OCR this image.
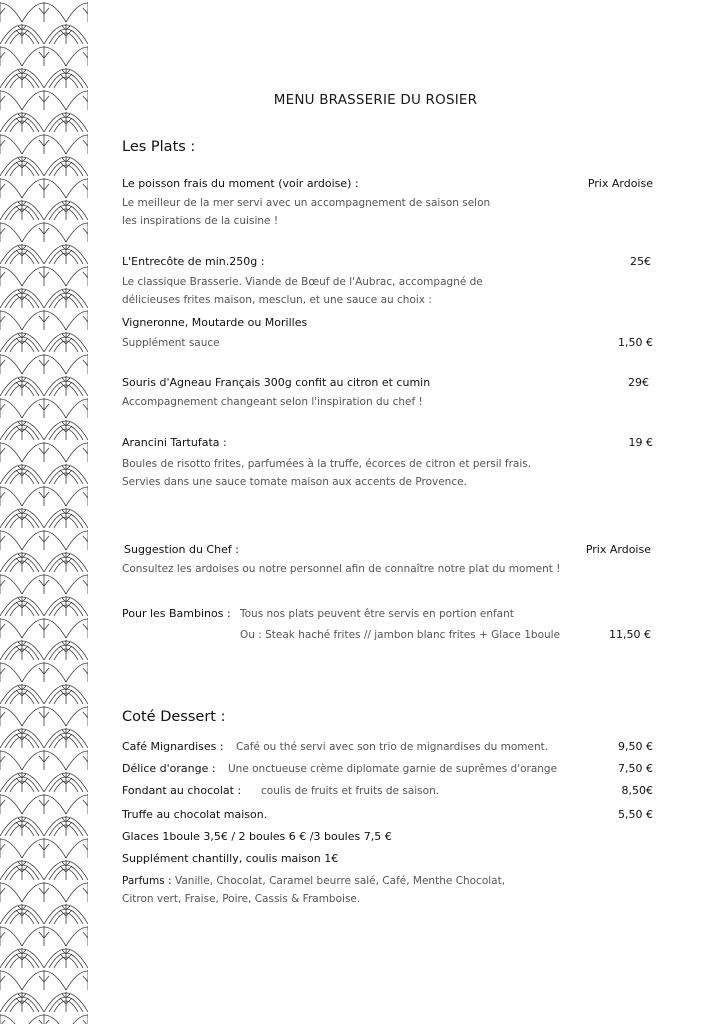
MENU BRASSERIE DU ROSIER
Les Plats :
Le poisson frais du moment (voir ardoise) :	Prix Ardoise
Le meilleur de la mer servi avec un accompagnement de saison selon
les inspirations de la cuisine !
L'Entrecôte de min.250g :	25€
Le classique Brasserie. Viande de Bœuf de l'Aubrac, accompagné de
délicieuses frites maison, mesclun, et une sauce au choix :
Vigneronne, Moutarde ou Morilles
Supplément sauce	1,50 €
Souris d'Agneau Français 300g confit au citron et cumin	29€
Accompagnement changeant selon l'inspiration du chef !
Arancini Tartufata :	19 €
Boules de risotto frites, parfumées à la truffe, écorces de citron et persil frais.
Servies dans une sauce tomate maison aux accents de Provence.
Suggestion du Chef :	Prix Ardoise
Consultez les ardoises ou notre personnel afin de connaître notre plat du moment !
Pour les Bambinos : Tous nos plats peuvent être servis en portion enfant
Ou : Steak haché frites // jambon blanc frites + Glace 1boule	11,50 €
Coté Dessert :
Café Mignardises : Café ou thé servi avec son trio de mignardises du moment.	9,50 €
Délice d'orange : Une onctueuse crème diplomate garnie de suprêmes d'orange	7,50 €
Fondant au chocolat : coulis de fruits et fruits de saison.	8,50€
Truffe au chocolat maison.	5,50 €
Glaces 1boule 3,5€ / 2 boules 6 € /3 boules 7,5 €
Supplément chantilly, coulis maison 1€
Parfums : Vanille, Chocolat, Caramel beurre salé, Café, Menthe Chocolat,
Citron vert, Fraise, Poire, Cassis & Framboise.
